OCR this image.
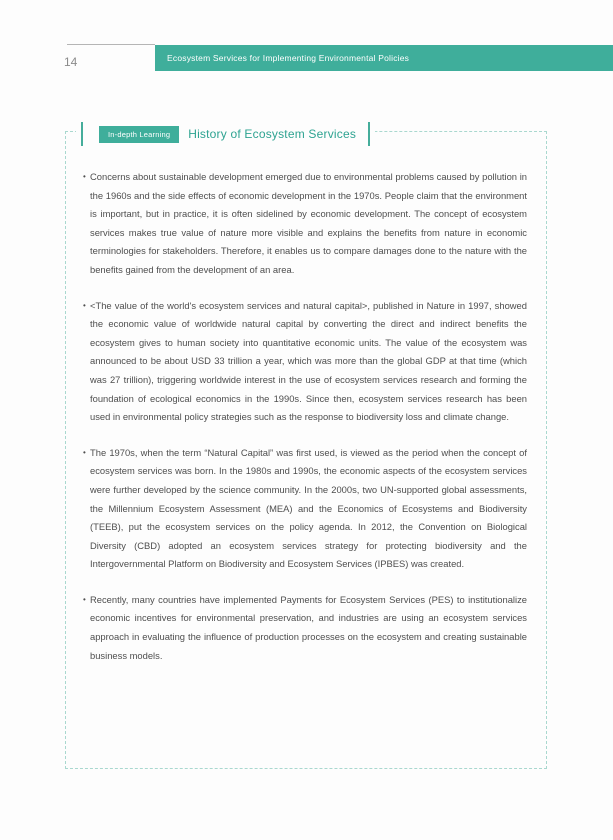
14	Ecosystem Services for Implementing Environmental Policies
• Concerns about sustainable development emerged due to environmental problems caused by pollution in the 1960s and the side effects of economic development in the 1970s. People claim that the environment is important, but in practice, it is often sidelined by economic development. The concept of ecosystem services makes true value of nature more visible and explains the benefits from nature in economic terminologies for stakeholders. Therefore, it enables us to compare damages done to the nature with the benefits gained from the development of an area.
• <The value of the world's ecosystem services and natural capital>, published in Nature in 1997, showed the economic value of worldwide natural capital by converting the direct and indirect benefits the ecosystem gives to human society into quantitative economic units. The value of the ecosystem was announced to be about USD 33 trillion a year, which was more than the global GDP at that time (which was 27 trillion), triggering worldwide interest in the use of ecosystem services research and forming the foundation of ecological economics in the 1990s. Since then, ecosystem services research has been used in environmental policy strategies such as the response to biodiversity loss and climate change.
• The 1970s, when the term “Natural Capital” was first used, is viewed as the period when the concept of ecosystem services was born. In the 1980s and 1990s, the economic aspects of the ecosystem services were further developed by the science community. In the 2000s, two UN-supported global assessments, the Millennium Ecosystem Assessment (MEA) and the Economics of Ecosystems and Biodiversity (TEEB), put the ecosystem services on the policy agenda. In 2012, the Convention on Biological Diversity (CBD) adopted an ecosystem services strategy for protecting biodiversity and the Intergovernmental Platform on Biodiversity and Ecosystem Services (IPBES) was created.
• Recently, many countries have implemented Payments for Ecosystem Services (PES) to institutionalize economic incentives for environmental preservation, and industries are using an ecosystem services approach in evaluating the influence of production processes on the ecosystem and creating sustainable business models.
In-depth Learning	History of Ecosystem Services
